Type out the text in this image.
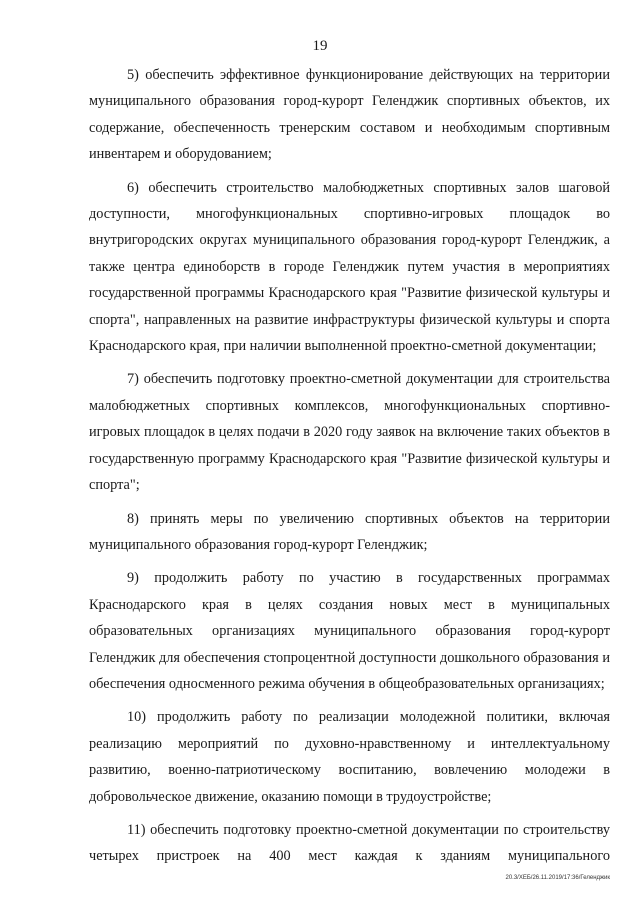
19

5) обеспечить эффективное функционирование действующих на территории муниципального образования город-курорт Геленджик спортивных объектов, их содержание, обеспеченность тренерским составом и необходимым спортивным инвентарем и оборудованием;

6) обеспечить строительство малобюджетных спортивных залов шаговой доступности, многофункциональных спортивно-игровых площадок во внутригородских округах муниципального образования город-курорт Геленджик, а также центра единоборств в городе Геленджик путем участия в мероприятиях государственной программы Краснодарского края "Развитие физической культуры и спорта", направленных на развитие инфраструктуры физической культуры и спорта Краснодарского края, при наличии выполненной проектно-сметной документации;

7) обеспечить подготовку проектно-сметной документации для строительства малобюджетных спортивных комплексов, многофункциональных спортивно-игровых площадок в целях подачи в 2020 году заявок на включение таких объектов в государственную программу Краснодарского края "Развитие физической культуры и спорта";

8) принять меры по увеличению спортивных объектов на территории муниципального образования город-курорт Геленджик;

9) продолжить работу по участию в государственных программах Краснодарского края в целях создания новых мест в муниципальных образовательных организациях муниципального образования город-курорт Геленджик для обеспечения стопроцентной доступности дошкольного образования и обеспечения односменного режима обучения в общеобразовательных организациях;

10) продолжить работу по реализации молодежной политики, включая реализацию мероприятий по духовно-нравственному и интеллектуальному развитию, военно-патриотическому воспитанию, вовлечению молодежи в добровольческое движение, оказанию помощи в трудоустройстве;

11) обеспечить подготовку проектно-сметной документации по строительству четырех пристроек на 400 мест каждая к зданиям муниципального

20.3/ХЕБ/26.11.2019/17:36/Геленджик
